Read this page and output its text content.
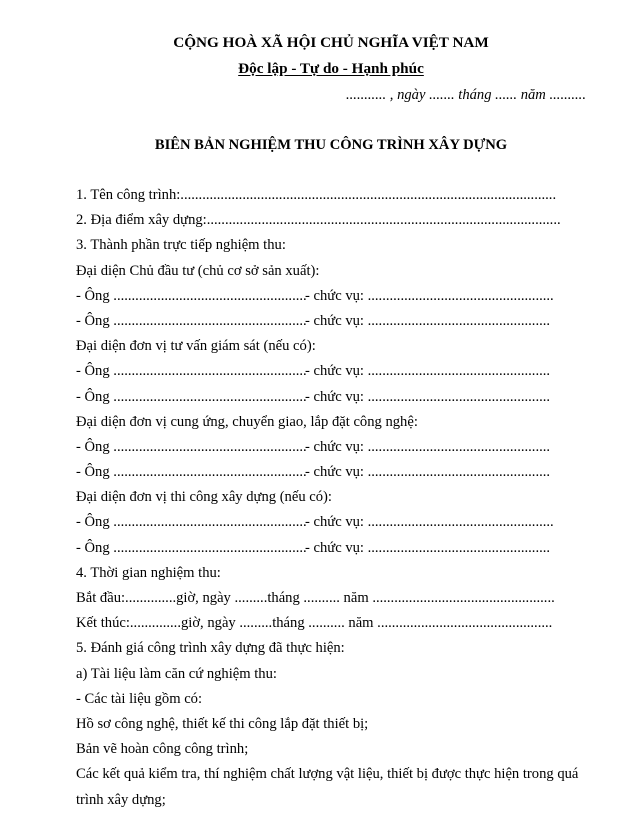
CỘNG HOÀ XÃ HỘI CHỦ NGHĨA VIỆT NAM
Độc lập - Tự do - Hạnh phúc
........... , ngày ....... tháng ...... năm ..........
BIÊN BẢN NGHIỆM THU CÔNG TRÌNH XÂY DỰNG
1. Tên công trình:.......................................................................................................
2. Địa điểm xây dựng:.................................................................................................
3. Thành phần trực tiếp nghiệm thu:
Đại diện Chủ đầu tư (chủ cơ sở sản xuất):
- Ông .....................................................
- chức vụ: ...................................................
- Ông .....................................................
- chức vụ: ..................................................
Đại diện đơn vị tư vấn giám sát (nếu có):
- Ông .....................................................
- chức vụ: ..................................................
- Ông .....................................................
- chức vụ: ..................................................
Đại diện đơn vị cung ứng, chuyển giao, lắp đặt công nghệ:
- Ông .....................................................
- chức vụ: ..................................................
- Ông .....................................................
- chức vụ: ..................................................
Đại diện đơn vị thi công xây dựng (nếu có):
- Ông .....................................................
- chức vụ: ...................................................
- Ông .....................................................
- chức vụ: ..................................................
4. Thời gian nghiệm thu:
Bắt đầu:..............giờ, ngày .........tháng .......... năm ..................................................
Kết thúc:..............giờ, ngày .........tháng .......... năm ................................................
5. Đánh giá công trình xây dựng đã thực hiện:
a) Tài liệu làm căn cứ nghiệm thu:
- Các tài liệu gồm có:
Hồ sơ công nghệ, thiết kế thi công lắp đặt thiết bị;
Bản vẽ hoàn công công trình;
Các kết quả kiểm tra, thí nghiệm chất lượng vật liệu, thiết bị được thực hiện trong quá trình xây dựng;
